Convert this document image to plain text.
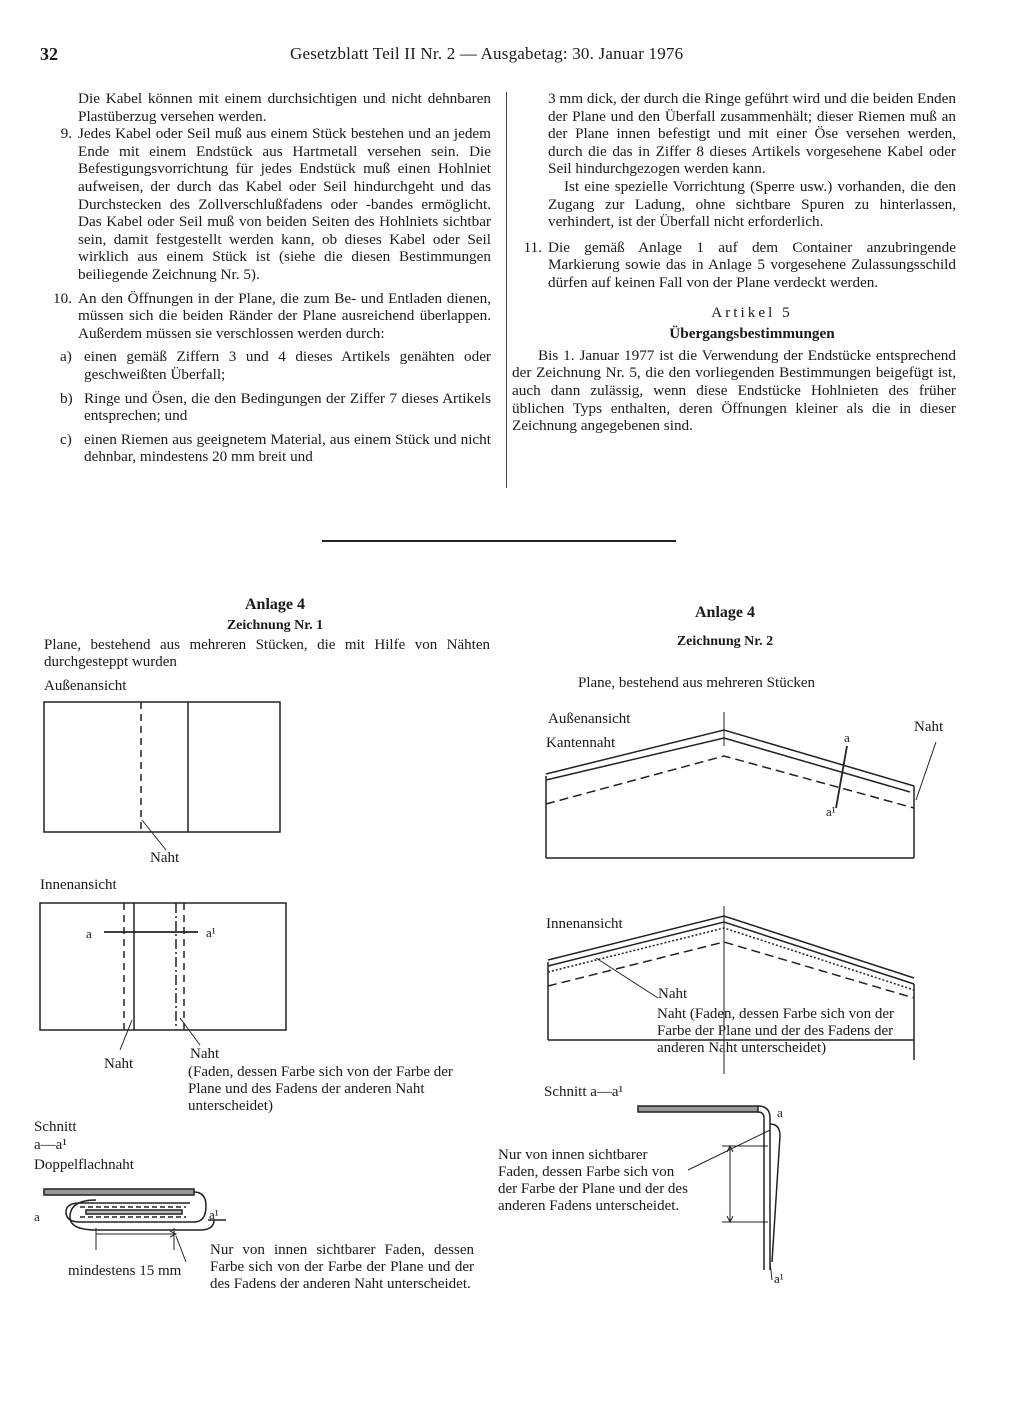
32	Gesetzblatt Teil II Nr. 2 — Ausgabetag: 30. Januar 1976

Die Kabel können mit einem durchsichtigen und nicht dehnbaren Plastüberzug versehen werden.

9. Jedes Kabel oder Seil muß aus einem Stück bestehen und an jedem Ende mit einem Endstück aus Hartmetall versehen sein. Die Befestigungsvorrichtung für jedes Endstück muß einen Hohlniet aufweisen, der durch das Kabel oder Seil hindurchgeht und das Durchstecken des Zollverschlußfadens oder -bandes ermöglicht. Das Kabel oder Seil muß von beiden Seiten des Hohlniets sichtbar sein, damit festgestellt werden kann, ob dieses Kabel oder Seil wirklich aus einem Stück ist (siehe die diesen Bestimmungen beiliegende Zeichnung Nr. 5).
10. An den Öffnungen in der Plane, die zum Be- und Entladen dienen, müssen sich die beiden Ränder der Plane ausreichend überlappen. Außerdem müssen sie verschlossen werden durch:
a) einen gemäß Ziffern 3 und 4 dieses Artikels genähten oder geschweißten Überfall;
b) Ringe und Ösen, die den Bedingungen der Ziffer 7 dieses Artikels entsprechen; und
c) einen Riemen aus geeignetem Material, aus einem Stück und nicht dehnbar, mindestens 20 mm breit und

3 mm dick, der durch die Ringe geführt wird und die beiden Enden der Plane und den Überfall zusammenhält; dieser Riemen muß an der Plane innen befestigt und mit einer Öse versehen werden, durch die das in Ziffer 8 dieses Artikels vorgesehene Kabel oder Seil hindurchgezogen werden kann.

Ist eine spezielle Vorrichtung (Sperre usw.) vorhanden, die den Zugang zur Ladung, ohne sichtbare Spuren zu hinterlassen, verhindert, ist der Überfall nicht erforderlich.

11. Die gemäß Anlage 1 auf dem Container anzubringende Markierung sowie das in Anlage 5 vorgesehene Zulassungsschild dürfen auf keinen Fall von der Plane verdeckt werden.

Artikel 5

Übergangsbestimmungen

Bis 1. Januar 1977 ist die Verwendung der Endstücke entsprechend der Zeichnung Nr. 5, die den vorliegenden Bestimmungen beigefügt ist, auch dann zulässig, wenn diese Endstücke Hohlnieten des früher üblichen Typs enthalten, deren Öffnungen kleiner als die in dieser Zeichnung angegebenen sind.

Anlage 4
Zeichnung Nr. 1
Plane, bestehend aus mehreren Stücken, die mit Hilfe von Nähten durchgesteppt wurden
Außenansicht
Naht
Innenansicht
a	a¹
Naht
Naht
(Faden, dessen Farbe sich von der Farbe der Plane und des Fadens der anderen Naht unterscheidet)
Schnitt
a—a¹
Doppelflachnaht
a	a¹
mindestens 15 mm
Nur von innen sichtbarer Faden, dessen Farbe sich von der Farbe der Plane und der des Fadens der anderen Naht unterscheidet.
Anlage 4
Zeichnung Nr. 2
Plane, bestehend aus mehreren Stücken
Außenansicht
Kantennaht
Naht
a
a¹
Innenansicht
Naht
Naht (Faden, dessen Farbe sich von der Farbe der Plane und der des Fadens der anderen Naht unterscheidet)
Schnitt a—a¹
a
a¹
Nur von innen sichtbarer Faden, dessen Farbe sich von der Farbe der Plane und der des anderen Fadens unterscheidet.
